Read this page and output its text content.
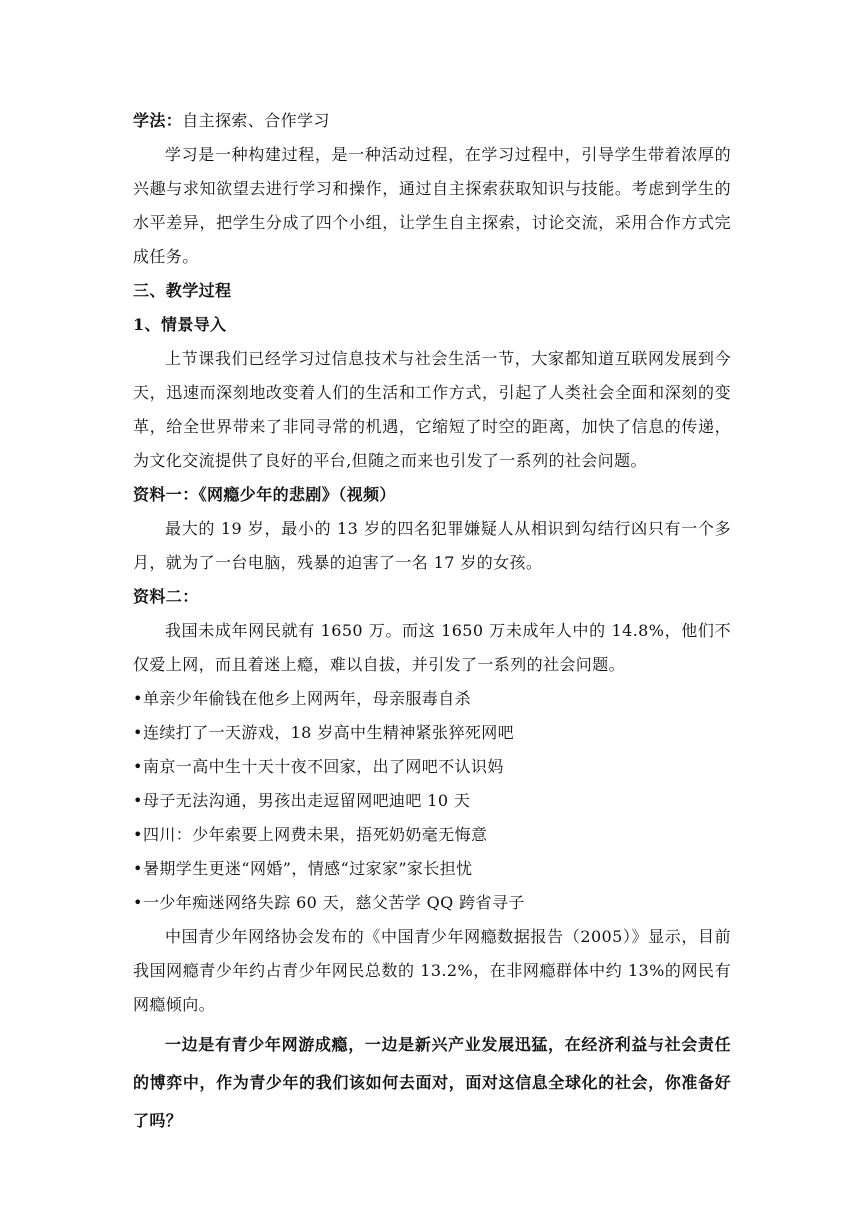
学法：自主探索、合作学习

学习是一种构建过程，是一种活动过程，在学习过程中，引导学生带着浓厚的兴趣与求知欲望去进行学习和操作，通过自主探索获取知识与技能。考虑到学生的水平差异，把学生分成了四个小组，让学生自主探索，讨论交流，采用合作方式完成任务。

三、教学过程

1、情景导入

上节课我们已经学习过信息技术与社会生活一节，大家都知道互联网发展到今天，迅速而深刻地改变着人们的生活和工作方式，引起了人类社会全面和深刻的变革，给全世界带来了非同寻常的机遇，它缩短了时空的距离，加快了信息的传递，为文化交流提供了良好的平台,但随之而来也引发了一系列的社会问题。

资料一：《网瘾少年的悲剧》（视频）

最大的 19 岁，最小的 13 岁的四名犯罪嫌疑人从相识到勾结行凶只有一个多月，就为了一台电脑，残暴的迫害了一名 17 岁的女孩。

资料二：

我国未成年网民就有 1650 万。而这 1650 万未成年人中的 14.8%，他们不仅爱上网，而且着迷上瘾，难以自拔，并引发了一系列的社会问题。

•单亲少年偷钱在他乡上网两年，母亲服毒自杀
•连续打了一天游戏，18 岁高中生精神紧张猝死网吧
•南京一高中生十天十夜不回家，出了网吧不认识妈
•母子无法沟通，男孩出走逗留网吧迪吧 10 天
•四川：少年索要上网费未果，捂死奶奶毫无悔意
•暑期学生更迷“网婚”，情感“过家家”家长担忧
•一少年痴迷网络失踪 60 天，慈父苦学 QQ 跨省寻子

中国青少年网络协会发布的《中国青少年网瘾数据报告（2005）》显示，目前我国网瘾青少年约占青少年网民总数的 13.2%，在非网瘾群体中约 13%的网民有网瘾倾向。

一边是有青少年网游成瘾，一边是新兴产业发展迅猛，在经济利益与社会责任的博弈中，作为青少年的我们该如何去面对，面对这信息全球化的社会，你准备好了吗？
